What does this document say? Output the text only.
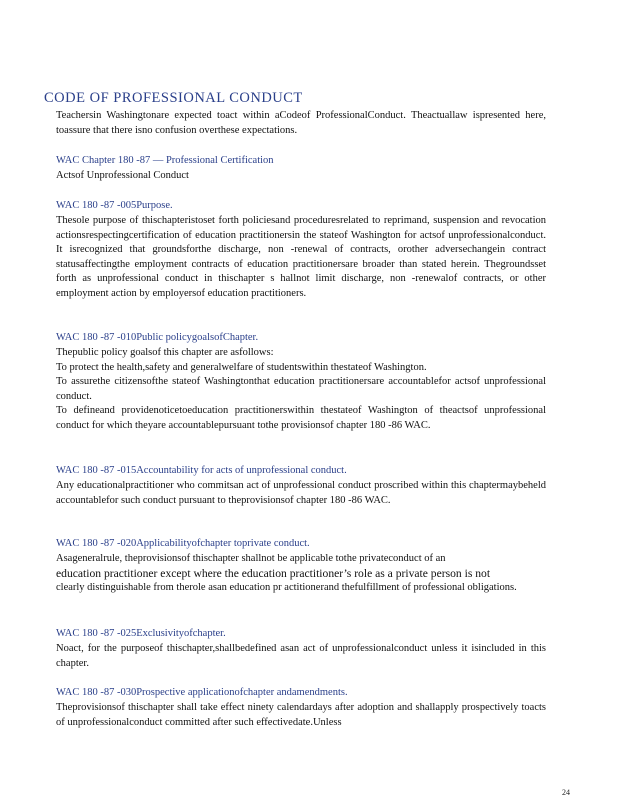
CODE OF PROFESSIONAL CONDUCT
Teachersin Washingtonare expected toact within aCodeof ProfessionalConduct. Theactuallaw ispresented here, toassure that there isno confusion overthese expectations.
WAC Chapter 180 -87 — Professional Certification

Actsof Unprofessional Conduct

WAC 180 -87 -005Purpose.

Thesole purpose of thischapteristoset forth policiesand proceduresrelated to reprimand, suspension and revocation actionsrespectingcertification of education practitionersin the stateof Washington for actsof unprofessionalconduct. It isrecognized that groundsforthe discharge, non -renewal of contracts, orother adversechangein contract statusaffectingthe employment contracts of education practitionersare broader than stated herein. Thegroundsset forth as unprofessional conduct in thischapter s hallnot limit discharge, non -renewalof contracts, or other employment action by employersof education practitioners.

WAC 180 -87 -010Public policygoalsofChapter.

Thepublic policy goalsof this chapter are asfollows:

To protect the health,safety and generalwelfare of studentswithin thestateof Washington.

To assurethe citizensofthe stateof Washingtonthat education practitionersare accountablefor actsof unprofessional conduct.

To defineand providenoticetoeducation practitionerswithin thestateof Washington of theactsof unprofessional conduct for which theyare accountablepursuant tothe provisionsof chapter 180 -86 WAC.

WAC 180 -87 -015Accountability for acts of unprofessional conduct.

Any educationalpractitioner who commitsan act of unprofessional conduct proscribed within this chaptermaybeheld accountablefor such conduct pursuant to theprovisionsof chapter 180 -86 WAC.

WAC 180 -87 -020Applicabilityofchapter toprivate conduct.

Asageneralrule, theprovisionsof thischapter shallnot be applicable tothe privateconduct of an

education practitioner except where the education practitioner’s role as a private person is not

clearly distinguishable from therole asan education pr actitionerand thefulfillment of professional obligations.

WAC 180 -87 -025Exclusivityofchapter.

Noact, for the purposeof thischapter,shallbedefined asan act of unprofessionalconduct unless it isincluded in this chapter.

WAC 180 -87 -030Prospective applicationofchapter andamendments.

Theprovisionsof thischapter shall take effect ninety calendardays after adoption and shallapply prospectively toacts of unprofessionalconduct committed after such effectivedate.Unless

24
